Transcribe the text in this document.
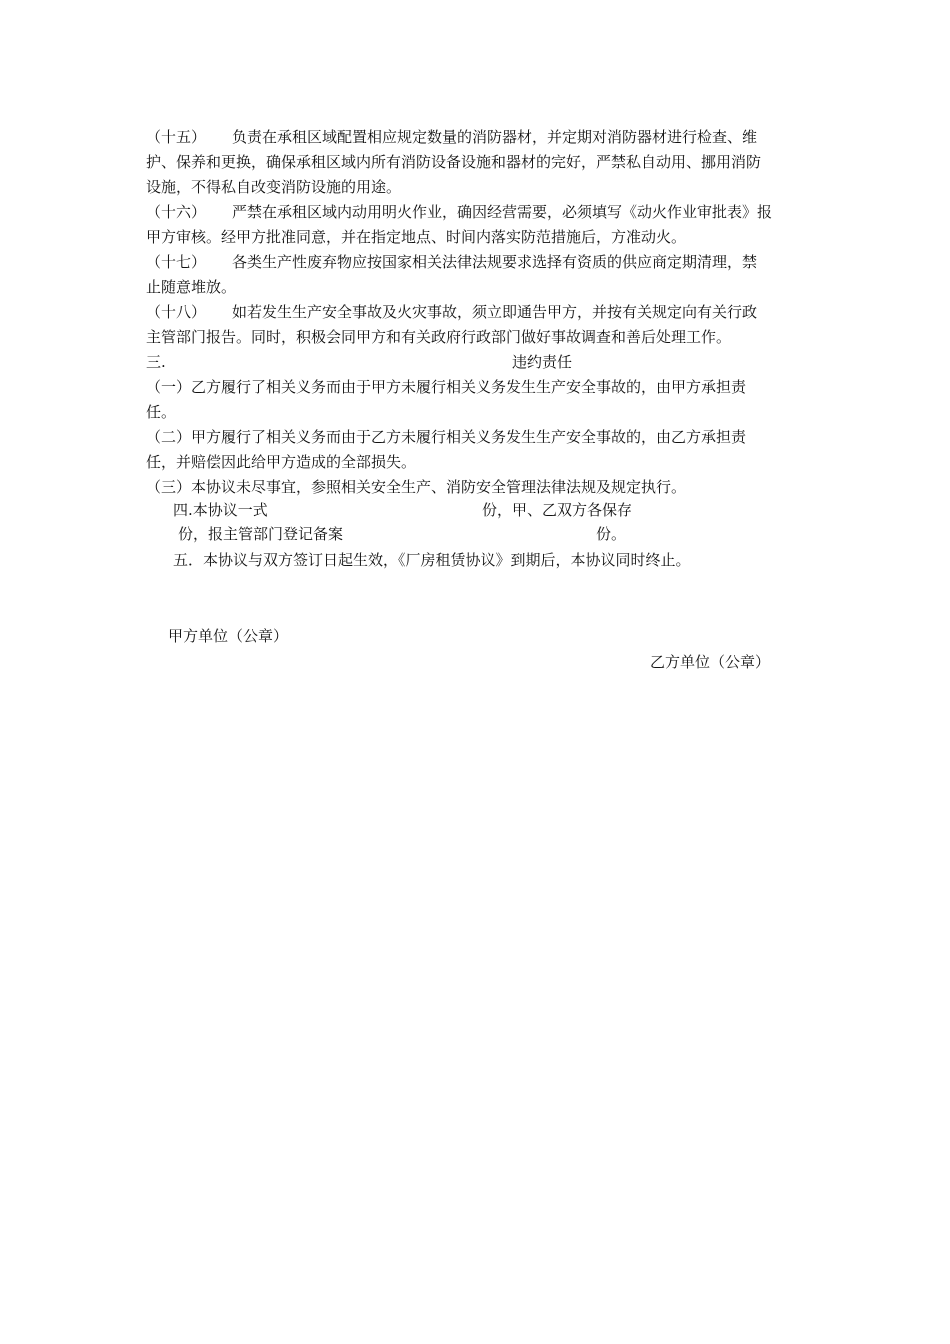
（十五） 负责在承租区域配置相应规定数量的消防器材，并定期对消防器材进行检查、维
护、保养和更换，确保承租区域内所有消防设备设施和器材的完好，严禁私自动用、挪用消防
设施，不得私自改变消防设施的用途。
（十六） 严禁在承租区域内动用明火作业，确因经营需要，必须填写《动火作业审批表》报
甲方审核。经甲方批准同意，并在指定地点、时间内落实防范措施后，方准动火。
（十七） 各类生产性废弃物应按国家相关法律法规要求选择有资质的供应商定期清理，禁
止随意堆放。
（十八） 如若发生生产安全事故及火灾事故，须立即通告甲方，并按有关规定向有关行政
主管部门报告。同时，积极会同甲方和有关政府行政部门做好事故调查和善后处理工作。
三.	违约责任
（一）乙方履行了相关义务而由于甲方未履行相关义务发生生产安全事故的，由甲方承担责
任。
（二）甲方履行了相关义务而由于乙方未履行相关义务发生生产安全事故的，由乙方承担责
任，并赔偿因此给甲方造成的全部损失。
（三）本协议未尽事宜，参照相关安全生产、消防安全管理法律法规及规定执行。
四.本协议一式	份，甲、乙双方各保存
份，报主管部门登记备案	份。
五．本协议与双方签订日起生效，《厂房租赁协议》到期后，本协议同时终止。
甲方单位（公章）
乙方单位（公章）
